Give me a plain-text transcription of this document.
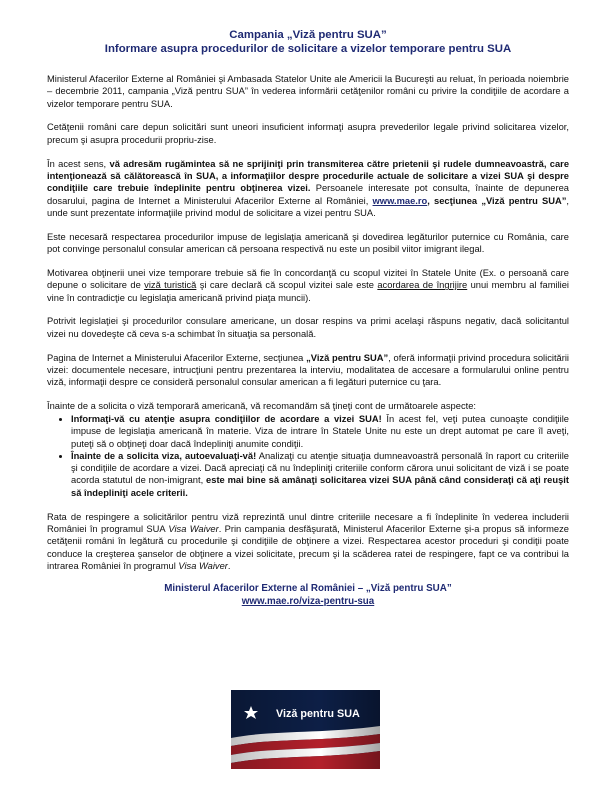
Campania „Viză pentru SUA”
Informare asupra procedurilor de solicitare a vizelor temporare pentru SUA

Ministerul Afacerilor Externe al României şi Ambasada Statelor Unite ale Americii la Bucureşti au reluat, în perioada noiembrie – decembrie 2011, campania „Viză pentru SUA” în vederea informării cetăţenilor români cu privire la condiţiile de acordare a vizelor temporare pentru SUA.

Cetăţenii români care depun solicitări sunt uneori insuficient informaţi asupra prevederilor legale privind solicitarea vizelor, precum şi asupra procedurii propriu-zise.

În acest sens, vă adresăm rugămintea să ne sprijiniţi prin transmiterea către prietenii şi rudele dumneavoastră, care intenţionează să călătorească în SUA, a informaţiilor despre procedurile actuale de solicitare a vizei SUA şi despre condiţiile care trebuie îndeplinite pentru obţinerea vizei. Persoanele interesate pot consulta, înainte de depunerea dosarului, pagina de Internet a Ministerului Afacerilor Externe al României, www.mae.ro, secţiunea „Viză pentru SUA”, unde sunt prezentate informaţiile privind modul de solicitare a vizei pentru SUA.

Este necesară respectarea procedurilor impuse de legislaţia americană şi dovedirea legăturilor puternice cu România, care pot convinge personalul consular american că persoana respectivă nu este un posibil viitor imigrant ilegal.

Motivarea obţinerii unei vize temporare trebuie să fie în concordanţă cu scopul vizitei în Statele Unite (Ex. o persoană care depune o solicitare de viză turistică şi care declară că scopul vizitei sale este acordarea de îngrijire unui membru al familiei vine în contradicţie cu legislaţia americană privind piaţa muncii).

Potrivit legislaţiei şi procedurilor consulare americane, un dosar respins va primi acelaşi răspuns negativ, dacă solicitantul vizei nu dovedeşte că ceva s-a schimbat în situaţia sa personală.

Pagina de Internet a Ministerului Afacerilor Externe, secţiunea „Viză pentru SUA”, oferă informaţii privind procedura solicitării vizei: documentele necesare, intrucţiuni pentru prezentarea la interviu, modalitatea de accesare a formularului online pentru viză, informaţii despre ce consideră personalul consular american a fi legături puternice cu ţara.

Înainte de a solicita o viză temporară americană, vă recomandăm să ţineţi cont de următoarele aspecte:

• Informaţi-vă cu atenţie asupra condiţiilor de acordare a vizei SUA! În acest fel, veţi putea cunoaşte condiţiile impuse de legislaţia americană în materie. Viza de intrare în Statele Unite nu este un drept automat pe care îl aveţi, puteţi să o obţineţi doar dacă îndepliniţi anumite condiţii.
• Înainte de a solicita viza, autoevaluaţi-vă! Analizaţi cu atenţie situaţia dumneavoastră personală în raport cu criteriile şi condiţiile de acordare a vizei. Dacă apreciaţi că nu îndepliniţi criteriile conform cărora unui solicitant de viză i se poate acorda statutul de non-imigrant, este mai bine să amânaţi solicitarea vizei SUA până când consideraţi că aţi reuşit să îndepliniţi acele criterii.

Rata de respingere a solicitărilor pentru viză reprezintă unul dintre criteriile necesare a fi îndeplinite în vederea includerii României în programul SUA Visa Waiver. Prin campania desfăşurată, Ministerul Afacerilor Externe şi-a propus să informeze cetăţenii români în legătură cu procedurile şi condiţiile de obţinere a vizei. Respectarea acestor proceduri şi condiţii poate conduce la creşterea şanselor de obţinere a vizei solicitate, precum şi la scăderea ratei de respingere, fapt ce va contribui la intrarea României în programul Visa Waiver.

Ministerul Afacerilor Externe al României – „Viză pentru SUA”
www.mae.ro/viza-pentru-sua
Viză pentru SUA
